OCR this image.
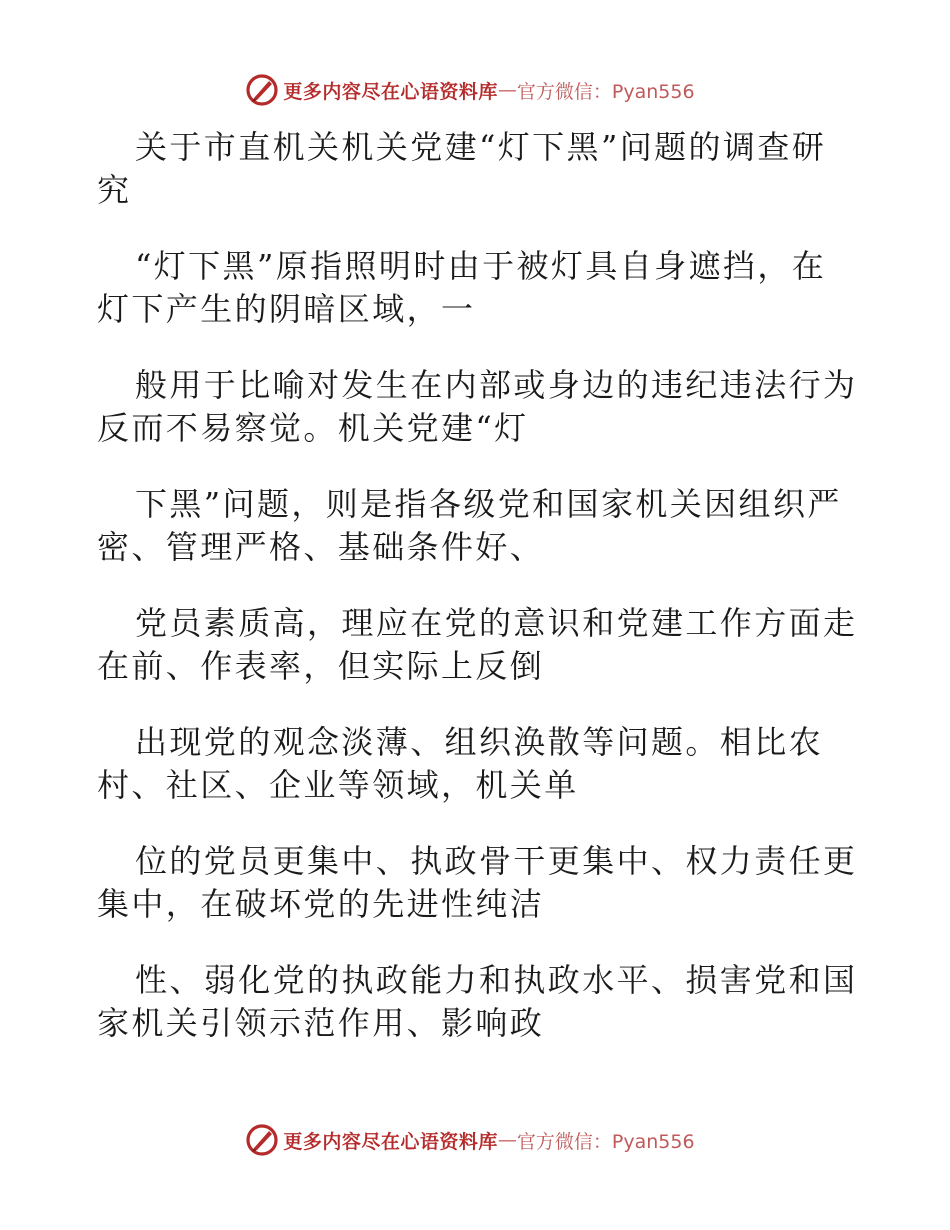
更多内容尽在心语资料库 — 官方微信：Pyan556
关于市直机关机关党建“灯下黑”问题的调查研
究
“灯下黑”原指照明时由于被灯具自身遮挡，在
灯下产生的阴暗区域，一
般用于比喻对发生在内部或身边的违纪违法行为
反而不易察觉。机关党建“灯
下黑”问题，则是指各级党和国家机关因组织严
密、管理严格、基础条件好、
党员素质高，理应在党的意识和党建工作方面走
在前、作表率，但实际上反倒
出现党的观念淡薄、组织涣散等问题。相比农
村、社区、企业等领域，机关单
位的党员更集中、执政骨干更集中、权力责任更
集中，在破坏党的先进性纯洁
性、弱化党的执政能力和执政水平、损害党和国
家机关引领示范作用、影响政
更多内容尽在心语资料库 — 官方微信：Pyan556
